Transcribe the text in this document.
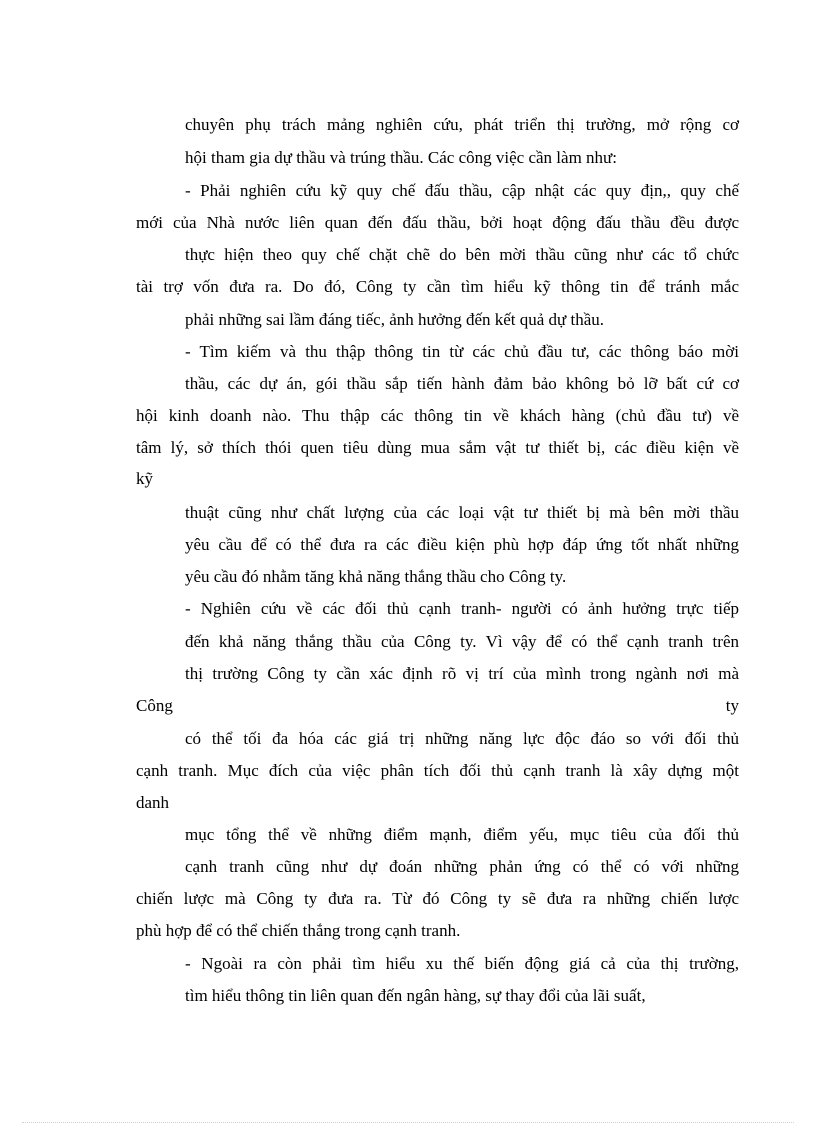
chuyên phụ trách mảng nghiên cứu, phát triển thị trường, mở rộng cơ
hội tham gia dự thầu và trúng thầu. Các công việc cần làm như:
- Phải nghiên cứu kỹ quy chế đấu thầu, cập nhật các quy địn,, quy chế
mới của Nhà nước liên quan đến đấu thầu, bởi hoạt động đấu thầu đều được
thực hiện theo quy chế chặt chẽ do bên mời thầu cũng như các tổ chức
tài trợ vốn đưa ra. Do đó, Công ty cần tìm hiểu kỹ thông tin để tránh mắc
phải những sai lầm đáng tiếc, ảnh hưởng đến kết quả dự thầu.
- Tìm kiếm và thu thập thông tin từ các chủ đầu tư, các thông báo mời
thầu, các dự án, gói thầu sắp tiến hành đảm bảo không bỏ lỡ bất cứ cơ
hội kinh doanh nào. Thu thập các thông tin về khách hàng (chủ đầu tư) về
tâm lý, sở thích thói quen tiêu dùng mua sắm vật tư thiết bị, các điều kiện về
kỹ
thuật cũng như chất lượng của các loại vật tư thiết bị mà bên mời thầu
yêu cầu để có thể đưa ra các điều kiện phù hợp đáp ứng tốt nhất những
yêu cầu đó nhằm tăng khả năng thắng thầu cho Công ty.
- Nghiên cứu về các đối thủ cạnh tranh- người có ảnh hưởng trực tiếp
đến khả năng thắng thầu của Công ty. Vì vậy để có thể cạnh tranh trên
thị trường Công ty cần xác định rõ vị trí của mình trong ngành nơi mà
Công ty
có thể tối đa hóa các giá trị những năng lực độc đáo so với đối thủ
cạnh tranh. Mục đích của việc phân tích đối thủ cạnh tranh là xây dựng một
danh
mục tổng thể về những điểm mạnh, điểm yếu, mục tiêu của đối thủ
cạnh tranh cũng như dự đoán những phản ứng có thể có với những
chiến lược mà Công ty đưa ra. Từ đó Công ty sẽ đưa ra những chiến lược
phù hợp để có thể chiến thắng trong cạnh tranh.
- Ngoài ra còn phải tìm hiểu xu thế biến động giá cả của thị trường,
tìm hiểu thông tin liên quan đến ngân hàng, sự thay đổi của lãi suất,
